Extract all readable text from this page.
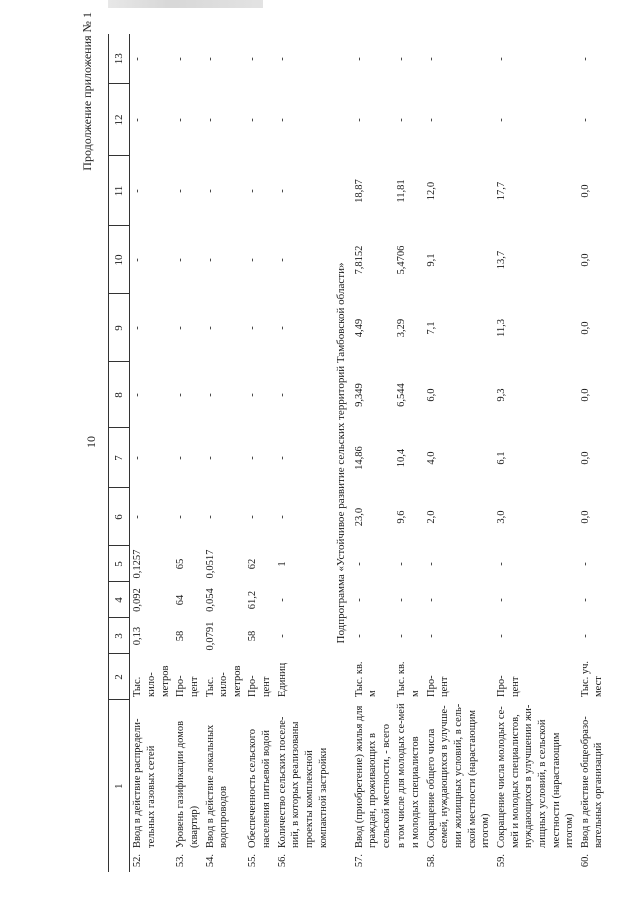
10
Продолжение приложения № 1
1		2	3	4	5	6	7	8	9	10	11	12	13
52.	Ввод в действие распредели-тельных газовых сетей	Тыс. кило-метров	0,13	0,092	0,1257	-	-	-	-	-	-	-	-
53.	Уровень газификации домов (квартир)	Про-цент	58	64	65	-	-	-	-	-	-	-	-
54.	Ввод в действие локальных водопроводов	Тыс. кило-метров	0,0791	0,054	0,0517	-	-	-	-	-	-	-	-
55.	Обеспеченность сельского населения питьевой водой	Про-цент	58	61,2	62	-	-	-	-	-	-	-	-
56.	Количество сельских поселе-ний, в которых реализованы проекты комплексной компактной застройки	Единиц	-	-	1	-	-	-	-	-	-	-	-
Подпрограмма «Устойчивое развитие сельских территорий Тамбовской области»													
57.	Ввод (приобретение) жилья для граждан, проживающих в сельской местности, - всего	Тыс. кв. м	-	-	-	23,0	14,86	9,349	4,49	7,8152	18,87	-	-
	в том числе для молодых се-мей и молодых специалистов	Тыс. кв. м	-	-	-	9,6	10,4	6,544	3,29	5,4706	11,81	-	-
58.	Сокращение общего числа семей, нуждающихся в улучше-нии жилищных условий, в сель-ской местности (нарастающим итогом)	Про-цент	-	-	-	2,0	4,0	6,0	7,1	9,1	12,0	-	-
59.	Сокращение числа молодых се-мей и молодых специалистов, нуждающихся в улучшении жи-лищных условий, в сельской местности (нарастающим итогом)	Про-цент	-	-	-	3,0	6,1	9,3	11,3	13,7	17,7	-	-
60.	Ввод в действие общеобразо-вательных организаций	Тыс. уч. мест	-	-	-	0,0	0,0	0,0	0,0	0,0	0,0	-	-
